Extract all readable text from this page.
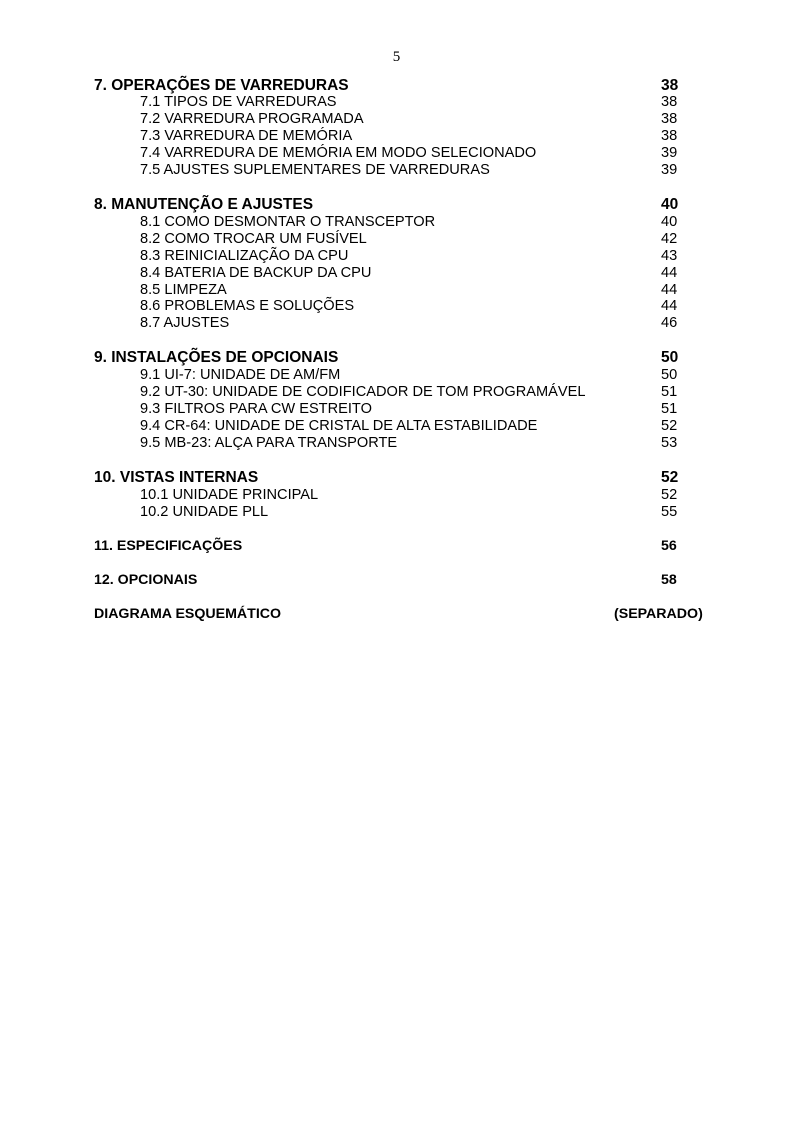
5
7. OPERAÇÕES DE VARREDURAS	38
7.1 TIPOS DE VARREDURAS	38
7.2 VARREDURA PROGRAMADA	38
7.3 VARREDURA DE MEMÓRIA	38
7.4 VARREDURA DE MEMÓRIA EM MODO SELECIONADO	39
7.5 AJUSTES SUPLEMENTARES DE VARREDURAS	39
8. MANUTENÇÃO E AJUSTES	40
8.1 COMO DESMONTAR O TRANSCEPTOR	40
8.2 COMO TROCAR UM FUSÍVEL	42
8.3 REINICIALIZAÇÃO DA CPU	43
8.4 BATERIA DE BACKUP DA CPU	44
8.5 LIMPEZA	44
8.6 PROBLEMAS E SOLUÇÕES	44
8.7 AJUSTES	46
9. INSTALAÇÕES DE OPCIONAIS	50
9.1 UI-7: UNIDADE DE AM/FM	50
9.2 UT-30: UNIDADE DE CODIFICADOR DE TOM PROGRAMÁVEL	51
9.3 FILTROS PARA CW ESTREITO	51
9.4 CR-64: UNIDADE DE CRISTAL DE ALTA ESTABILIDADE	52
9.5 MB-23: ALÇA PARA TRANSPORTE	53
10. VISTAS INTERNAS	52
10.1 UNIDADE PRINCIPAL	52
10.2 UNIDADE PLL	55
11. ESPECIFICAÇÕES	56
12. OPCIONAIS	58
DIAGRAMA ESQUEMÁTICO	(SEPARADO)
